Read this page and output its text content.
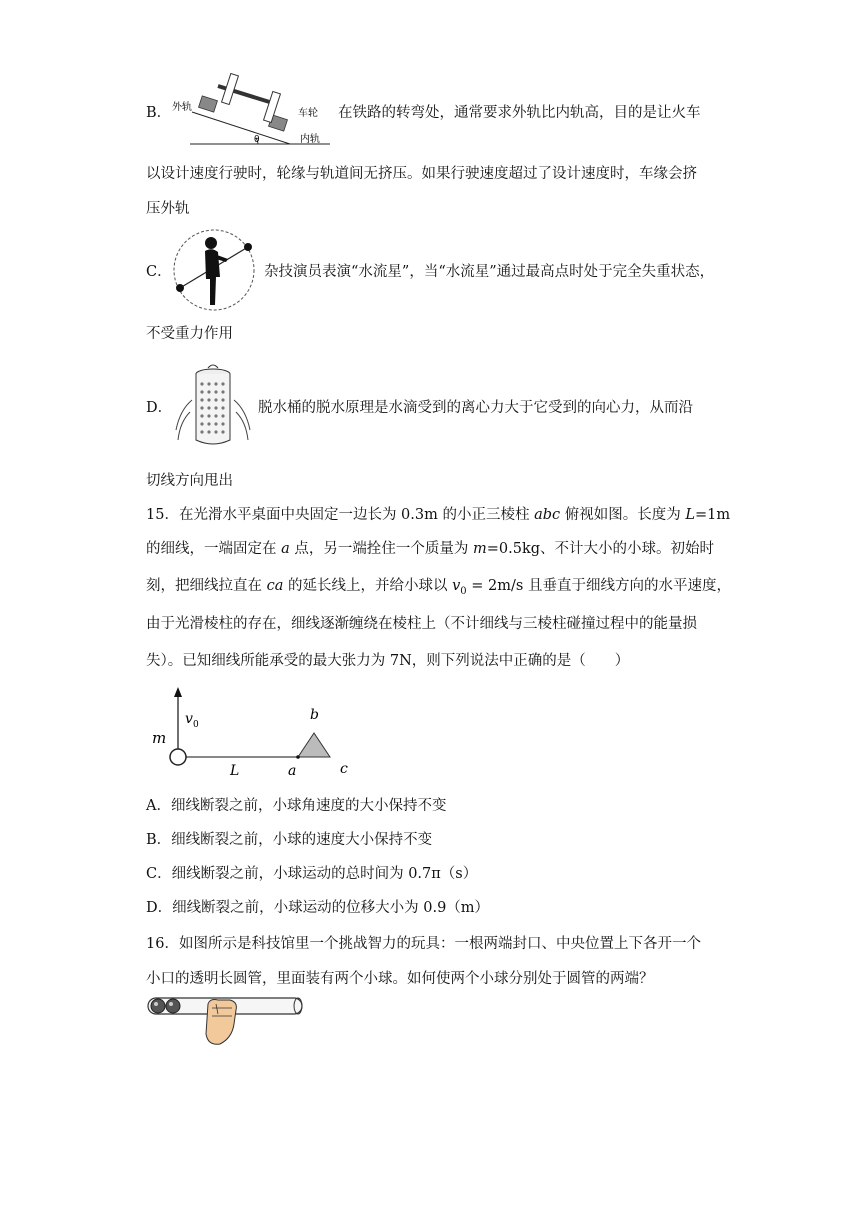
B． 外轨
车轮
内轨
θ
在铁路的转弯处，通常要求外轨比内轨高，目的是让火车
以设计速度行驶时，轮缘与轨道间无挤压。如果行驶速度超过了设计速度时，车缘会挤
压外轨
C．	杂技演员表演“水流星”，当“水流星”通过最高点时处于完全失重状态，
不受重力作用
D．	脱水桶的脱水原理是水滴受到的离心力大于它受到的向心力，从而沿
切线方向甩出
15．在光滑水平桌面中央固定一边长为 0.3m 的小正三棱柱 abc 俯视如图。长度为 L=1m
的细线，一端固定在 a 点，另一端拴住一个质量为 m=0.5kg、不计大小的小球。初始时
刻，把细线拉直在 ca 的延长线上，并给小球以 $v_0 = 2m/s$ 且垂直于细线方向的水平速度，
由于光滑棱柱的存在，细线逐渐缠绕在棱柱上（不计细线与三棱柱碰撞过程中的能量损
失）。已知细线所能承受的最大张力为 7N，则下列说法中正确的是（　　）
m
v 0
L	a
b
c
A．细线断裂之前，小球角速度的大小保持不变
B．细线断裂之前，小球的速度大小保持不变
C．细线断裂之前，小球运动的总时间为 0.7π（s）
D．细线断裂之前，小球运动的位移大小为 0.9（m）
16．如图所示是科技馆里一个挑战智力的玩具：一根两端封口、中央位置上下各开一个
小口的透明长圆管，里面装有两个小球。如何使两个小球分别处于圆管的两端？
